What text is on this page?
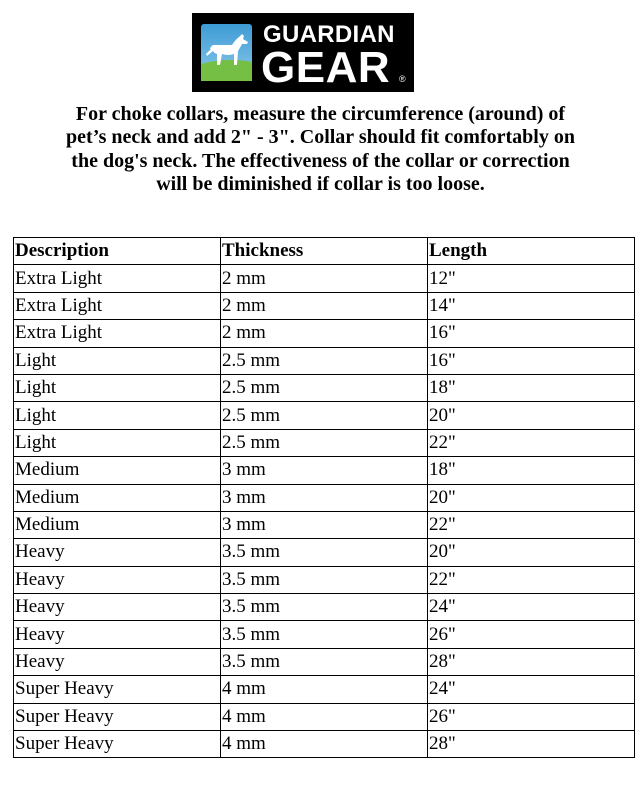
GUARDIAN
GEAR ®
For choke collars, measure the circumference (around) of
pet’s neck and add 2" - 3". Collar should fit comfortably on
the dog's neck. The effectiveness of the collar or correction
will be diminished if collar is too loose.
Description	Thickness	Length
Extra Light	2 mm	12"
Extra Light	2 mm	14"
Extra Light	2 mm	16"
Light	2.5 mm	16"
Light	2.5 mm	18"
Light	2.5 mm	20"
Light	2.5 mm	22"
Medium	3 mm	18"
Medium	3 mm	20"
Medium	3 mm	22"
Heavy	3.5 mm	20"
Heavy	3.5 mm	22"
Heavy	3.5 mm	24"
Heavy	3.5 mm	26"
Heavy	3.5 mm	28"
Super Heavy	4 mm	24"
Super Heavy	4 mm	26"
Super Heavy	4 mm	28"
